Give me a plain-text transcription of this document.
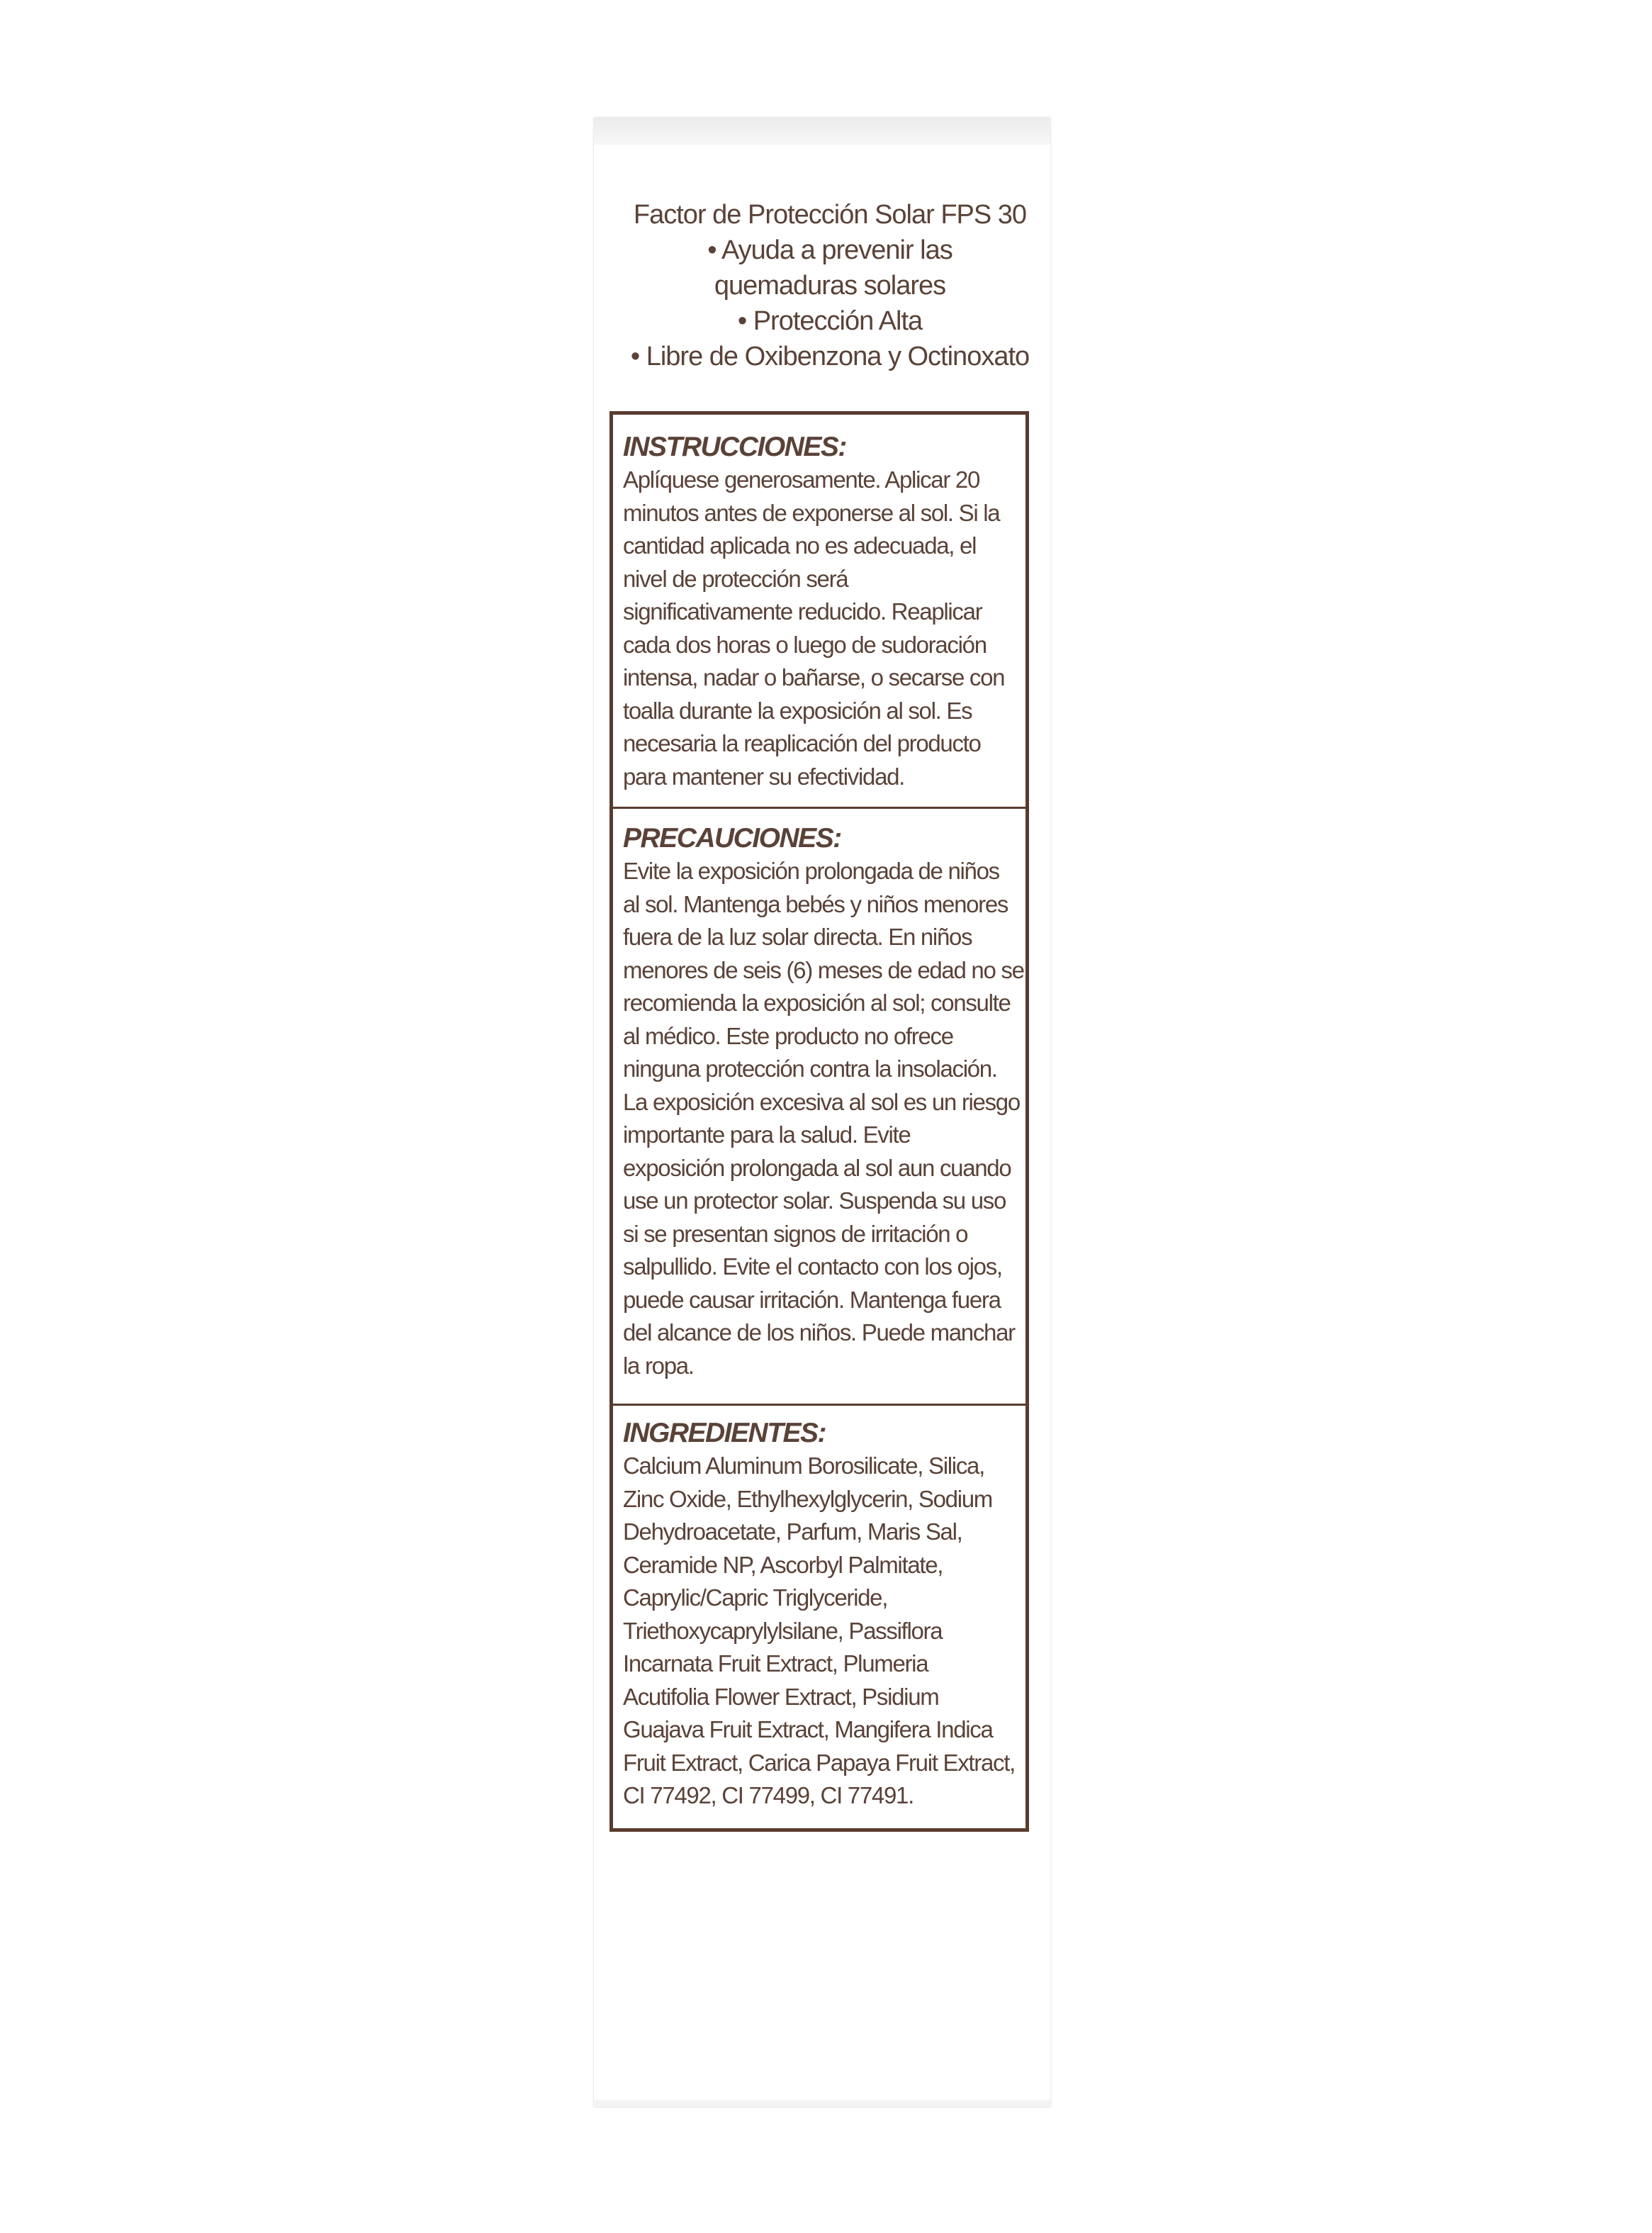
Factor de Protección Solar FPS 30
• Ayuda a prevenir las
quemaduras solares
• Protección Alta
• Libre de Oxibenzona y Octinoxato
INSTRUCCIONES:
Aplíquese generosamente. Aplicar 20
minutos antes de exponerse al sol. Si la
cantidad aplicada no es adecuada, el
nivel de protección será
significativamente reducido. Reaplicar
cada dos horas o luego de sudoración
intensa, nadar o bañarse, o secarse con
toalla durante la exposición al sol. Es
necesaria la reaplicación del producto
para mantener su efectividad.
PRECAUCIONES:
Evite la exposición prolongada de niños
al sol. Mantenga bebés y niños menores
fuera de la luz solar directa. En niños
menores de seis (6) meses de edad no se
recomienda la exposición al sol; consulte
al médico. Este producto no ofrece
ninguna protección contra la insolación.
La exposición excesiva al sol es un riesgo
importante para la salud. Evite
exposición prolongada al sol aun cuando
use un protector solar. Suspenda su uso
si se presentan signos de irritación o
salpullido. Evite el contacto con los ojos,
puede causar irritación. Mantenga fuera
del alcance de los niños. Puede manchar
la ropa.
INGREDIENTES:
Calcium Aluminum Borosilicate, Silica,
Zinc Oxide, Ethylhexylglycerin, Sodium
Dehydroacetate, Parfum, Maris Sal,
Ceramide NP, Ascorbyl Palmitate,
Caprylic/Capric Triglyceride,
Triethoxycaprylylsilane, Passiflora
Incarnata Fruit Extract, Plumeria
Acutifolia Flower Extract, Psidium
Guajava Fruit Extract, Mangifera Indica
Fruit Extract, Carica Papaya Fruit Extract,
CI 77492, CI 77499, CI 77491.
